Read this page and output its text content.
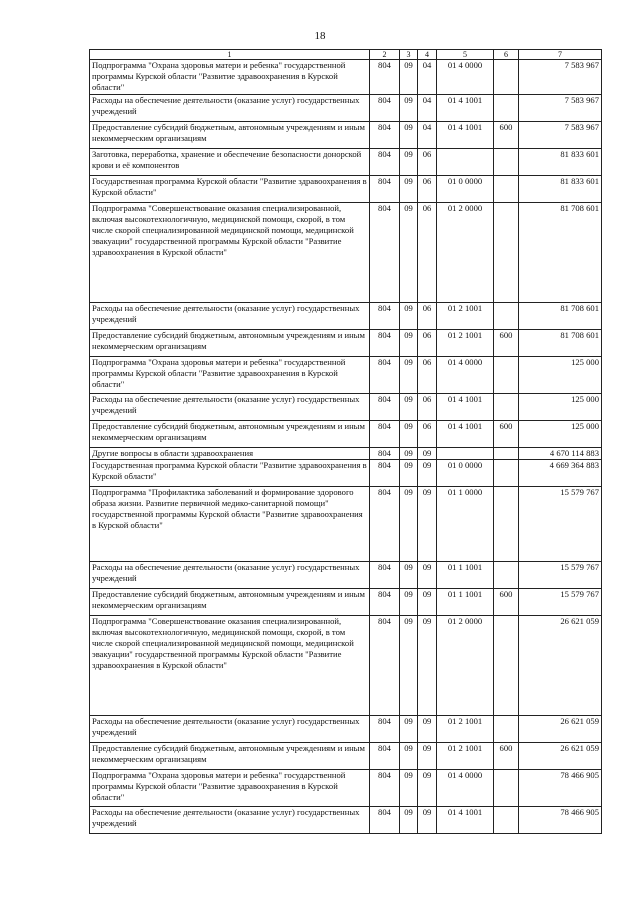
18
1	2	3	4	5	6	7
Подпрограмма "Охрана здоровья матери и ребенка" государственной программы Курской области "Развитие здравоохранения в Курской области"	804	09	04	01 4 0000		7 583 967
Расходы на обеспечение деятельности (оказание услуг) государственных учреждений	804	09	04	01 4 1001		7 583 967
Предоставление субсидий бюджетным, автономным учреждениям и иным некоммерческим организациям	804	09	04	01 4 1001	600	7 583 967
Заготовка, переработка, хранение и обеспечение безопасности донорской крови и её компонентов	804	09	06			81 833 601
Государственная программа Курской области "Развитие здравоохранения в Курской области"	804	09	06	01 0 0000		81 833 601
Подпрограмма "Совершенствование оказания специализированной, включая высокотехнологичную, медицинской помощи, скорой, в том числе скорой специализированной медицинской помощи, медицинской эвакуации" государственной программы Курской области "Развитие здравоохранения в Курской области"	804	09	06	01 2 0000		81 708 601
Расходы на обеспечение деятельности (оказание услуг) государственных учреждений	804	09	06	01 2 1001		81 708 601
Предоставление субсидий бюджетным, автономным учреждениям и иным некоммерческим организациям	804	09	06	01 2 1001	600	81 708 601
Подпрограмма "Охрана здоровья матери и ребенка" государственной программы Курской области "Развитие здравоохранения в Курской области"	804	09	06	01 4 0000		125 000
Расходы на обеспечение деятельности (оказание услуг) государственных учреждений	804	09	06	01 4 1001		125 000
Предоставление субсидий бюджетным, автономным учреждениям и иным некоммерческим организациям	804	09	06	01 4 1001	600	125 000
Другие вопросы в области здравоохранения	804	09	09			4 670 114 883
Государственная программа Курской области "Развитие здравоохранения в Курской области"	804	09	09	01 0 0000		4 669 364 883
Подпрограмма "Профилактика заболеваний и формирование здорового образа жизни. Развитие первичной медико-санитарной помощи" государственной программы Курской области "Развитие здравоохранения в Курской области"	804	09	09	01 1 0000		15 579 767
Расходы на обеспечение деятельности (оказание услуг) государственных учреждений	804	09	09	01 1 1001		15 579 767
Предоставление субсидий бюджетным, автономным учреждениям и иным некоммерческим организациям	804	09	09	01 1 1001	600	15 579 767
Подпрограмма "Совершенствование оказания специализированной, включая высокотехнологичную, медицинской помощи, скорой, в том числе скорой специализированной медицинской помощи, медицинской эвакуации" государственной программы Курской области "Развитие здравоохранения в Курской области"	804	09	09	01 2 0000		26 621 059
Расходы на обеспечение деятельности (оказание услуг) государственных учреждений	804	09	09	01 2 1001		26 621 059
Предоставление субсидий бюджетным, автономным учреждениям и иным некоммерческим организациям	804	09	09	01 2 1001	600	26 621 059
Подпрограмма "Охрана здоровья матери и ребенка" государственной программы Курской области "Развитие здравоохранения в Курской области"	804	09	09	01 4 0000		78 466 905
Расходы на обеспечение деятельности (оказание услуг) государственных учреждений	804	09	09	01 4 1001		78 466 905
